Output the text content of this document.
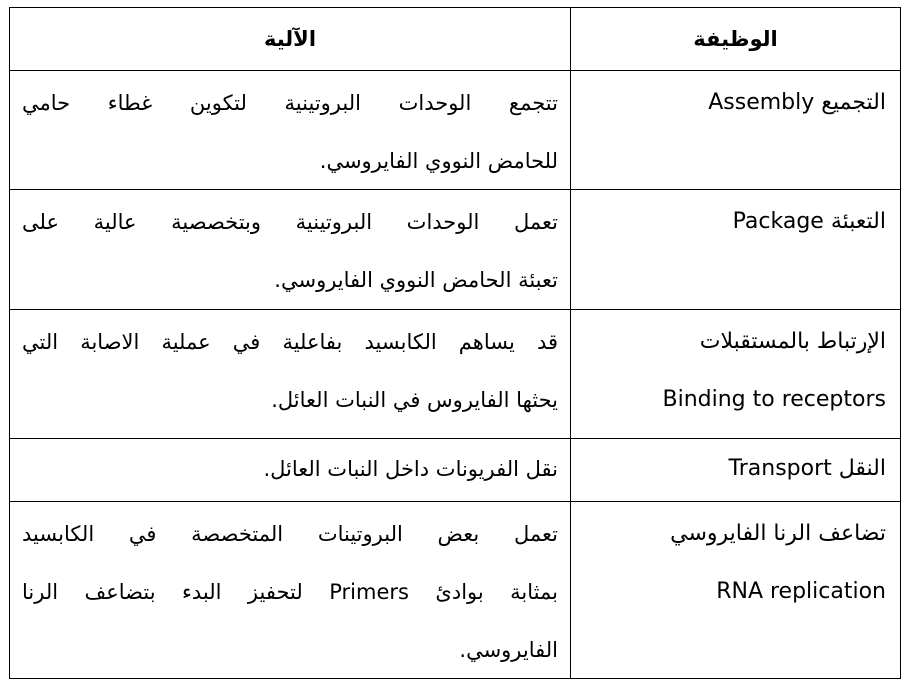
الوظيفة	الآلية

التجميع Assembly	تتجمع الوحدات البروتينية لتكوين غطاء حامي
للحامض النووي الفايروسي.

التعبئة Package	تعمل الوحدات البروتينية وبتخصصية عالية على
تعبئة الحامض النووي الفايروسي.

الإرتباط بالمستقبلات
Binding to receptors	قد يساهم الكابسيد بفاعلية في عملية الاصابة التي
يحثها الفايروس في النبات العائل.

النقل Transport	نقل الفريونات داخل النبات العائل.

تضاعف الرنا الفايروسي
RNA replication	تعمل بعض البروتينات المتخصصة في الكابسيد
بمثابة بوادئ Primers لتحفيز البدء بتضاعف الرنا
الفايروسي.
